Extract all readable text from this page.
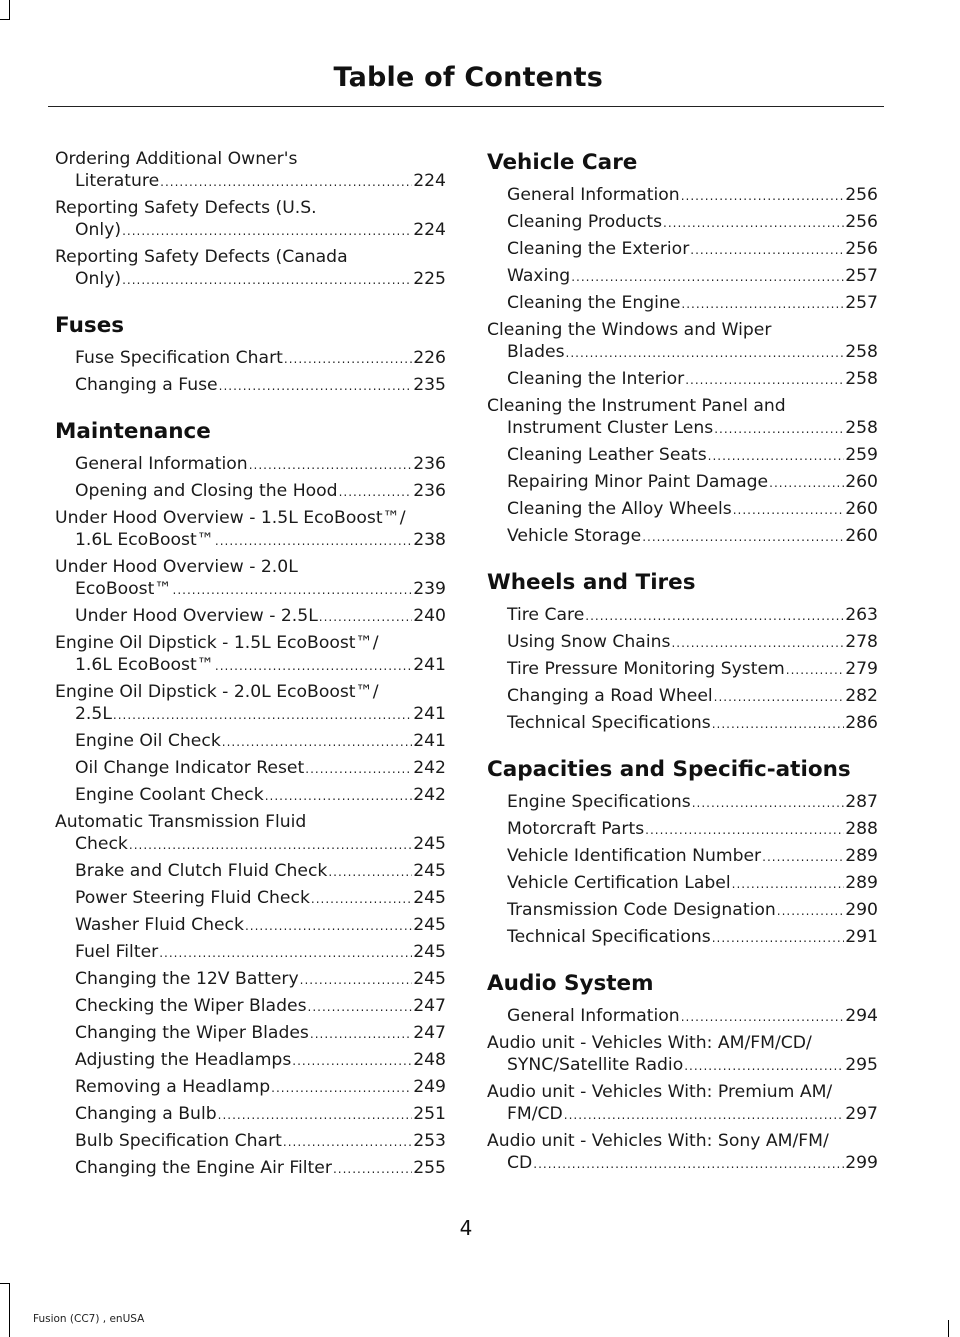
Table of Contents
Ordering Additional Owner's
Literature .....	224
Reporting Safety Defects (U.S.
Only) .....	224
Reporting Safety Defects (Canada
Only) .....	225
Fuses
Fuse Specification Chart .....	226
Changing a Fuse .....	235
Maintenance
General Information .....	236
Opening and Closing the Hood .....	236
Under Hood Overview - 1.5L EcoBoost™/
1.6L EcoBoost™ .....	238
Under Hood Overview - 2.0L
EcoBoost™ .....	239
Under Hood Overview - 2.5L .....	240
Engine Oil Dipstick - 1.5L EcoBoost™/
1.6L EcoBoost™ .....	241
Engine Oil Dipstick - 2.0L EcoBoost™/
2.5L .....	241
Engine Oil Check .....	241
Oil Change Indicator Reset .....	242
Engine Coolant Check .....	242
Automatic Transmission Fluid
Check .....	245
Brake and Clutch Fluid Check .....	245
Power Steering Fluid Check .....	245
Washer Fluid Check .....	245
Fuel Filter .....	245
Changing the 12V Battery .....	245
Checking the Wiper Blades .....	247
Changing the Wiper Blades .....	247
Adjusting the Headlamps .....	248
Removing a Headlamp .....	249
Changing a Bulb .....	251
Bulb Specification Chart .....	253
Changing the Engine Air Filter .....	255
Vehicle Care
General Information .....	256
Cleaning Products .....	256
Cleaning the Exterior .....	256
Waxing .....	257
Cleaning the Engine .....	257
Cleaning the Windows and Wiper
Blades .....	258
Cleaning the Interior .....	258
Cleaning the Instrument Panel and
Instrument Cluster Lens .....	258
Cleaning Leather Seats .....	259
Repairing Minor Paint Damage .....	260
Cleaning the Alloy Wheels .....	260
Vehicle Storage .....	260
Wheels and Tires
Tire Care .....	263
Using Snow Chains .....	278
Tire Pressure Monitoring System .....	279
Changing a Road Wheel .....	282
Technical Specifications .....	286
Capacities and Specific-ations
Engine Specifications .....	287
Motorcraft Parts .....	288
Vehicle Identification Number .....	289
Vehicle Certification Label .....	289
Transmission Code Designation .....	290
Technical Specifications .....	291
Audio System
General Information .....	294
Audio unit - Vehicles With: AM/FM/CD/
SYNC/Satellite Radio .....	295
Audio unit - Vehicles With: Premium AM/
FM/CD .....	297
Audio unit - Vehicles With: Sony AM/FM/
CD .....	299
4
Fusion (CC7) , enUSA
